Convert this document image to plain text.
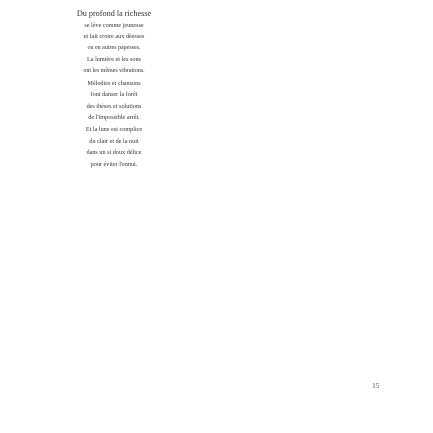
Du profond la richesse
se lève comme jeunesse
et fait croire aux déesses
ou en autres papesses.
La lumière et les sons
ont les mêmes vibrations.
Mélodies et chansons
font danser la forêt
des thèses et solutions
de l'impossible arrêt.
Et la lune est complice
du clair et de la nuit
dans un si doux délice
pour éviter l'ennui.
15
